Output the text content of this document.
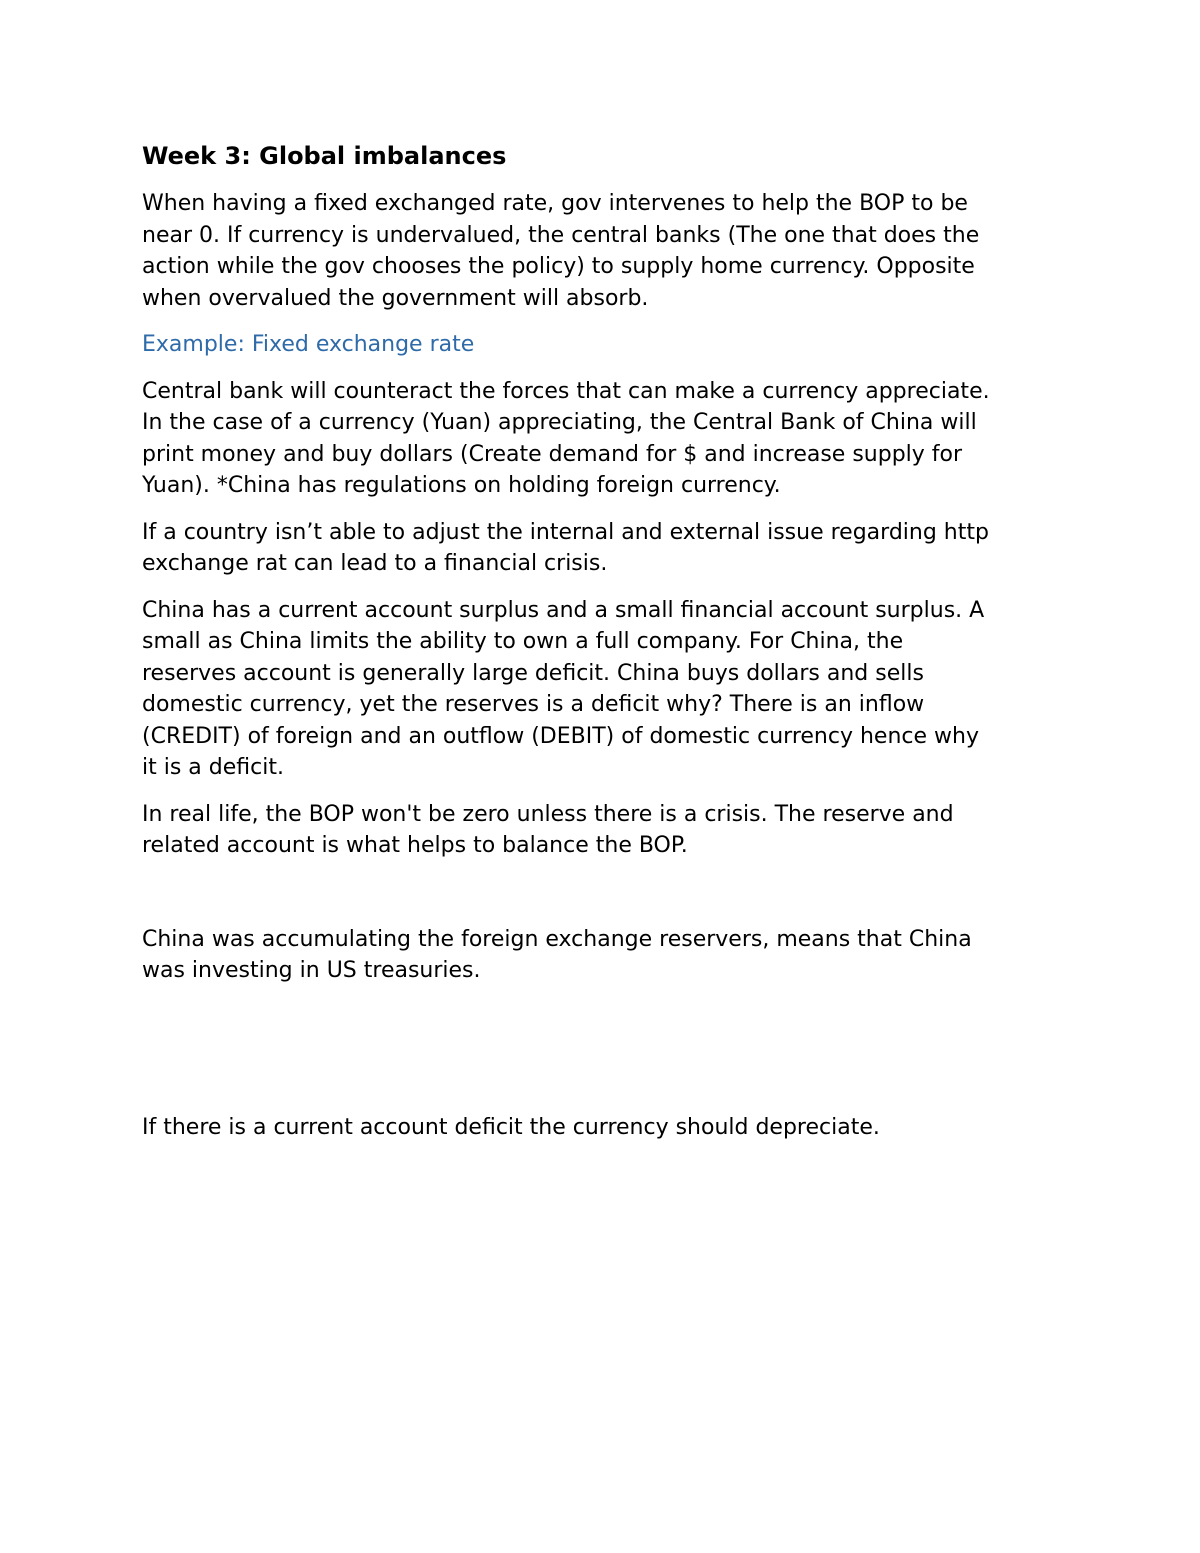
Week 3: Global imbalances

When having a fixed exchanged rate, gov intervenes to help the BOP to be
near 0. If currency is undervalued, the central banks (The one that does the
action while the gov chooses the policy) to supply home currency. Opposite
when overvalued the government will absorb.

Example: Fixed exchange rate

Central bank will counteract the forces that can make a currency appreciate.
In the case of a currency (Yuan) appreciating, the Central Bank of China will
print money and buy dollars (Create demand for $ and increase supply for
Yuan). *China has regulations on holding foreign currency.

If a country isn’t able to adjust the internal and external issue regarding http
exchange rat can lead to a financial crisis.

China has a current account surplus and a small financial account surplus. A
small as China limits the ability to own a full company. For China, the
reserves account is generally large deficit. China buys dollars and sells
domestic currency, yet the reserves is a deficit why? There is an inflow
(CREDIT) of foreign and an outflow (DEBIT) of domestic currency hence why
it is a deficit.

In real life, the BOP won't be zero unless there is a crisis. The reserve and
related account is what helps to balance the BOP.

China was accumulating the foreign exchange reservers, means that China
was investing in US treasuries.

If there is a current account deficit the currency should depreciate.
